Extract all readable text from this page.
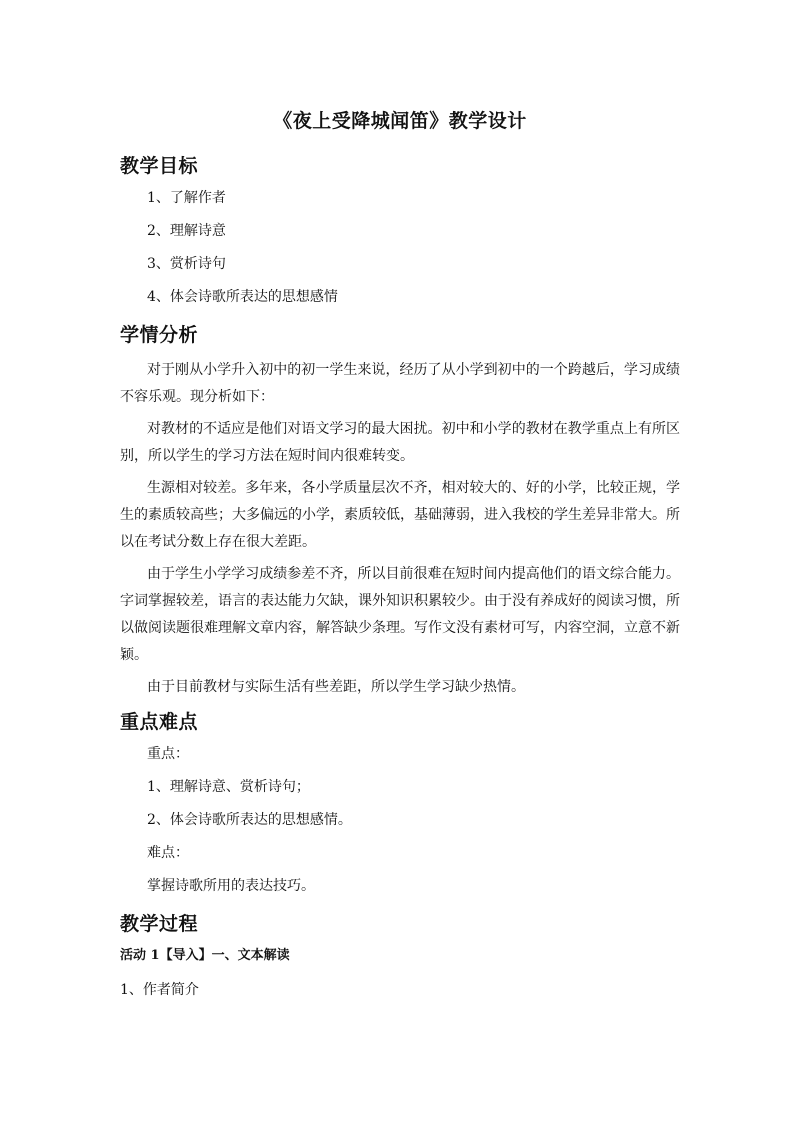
《夜上受降城闻笛》教学设计
教学目标
1、了解作者
2、理解诗意
3、赏析诗句
4、体会诗歌所表达的思想感情
学情分析

对于刚从小学升入初中的初一学生来说，经历了从小学到初中的一个跨越后，学习成绩不容乐观。现分析如下：

对教材的不适应是他们对语文学习的最大困扰。初中和小学的教材在教学重点上有所区别，所以学生的学习方法在短时间内很难转变。

生源相对较差。多年来，各小学质量层次不齐，相对较大的、好的小学，比较正规，学生的素质较高些；大多偏远的小学，素质较低，基础薄弱，进入我校的学生差异非常大。所以在考试分数上存在很大差距。

由于学生小学学习成绩参差不齐，所以目前很难在短时间内提高他们的语文综合能力。字词掌握较差，语言的表达能力欠缺，课外知识积累较少。由于没有养成好的阅读习惯，所以做阅读题很难理解文章内容，解答缺少条理。写作文没有素材可写，内容空洞，立意不新颖。

由于目前教材与实际生活有些差距，所以学生学习缺少热情。

重点难点
重点：
1、理解诗意、赏析诗句；
2、体会诗歌所表达的思想感情。
难点：
掌握诗歌所用的表达技巧。
教学过程
活动 1【导入】一、文本解读
1、作者简介
